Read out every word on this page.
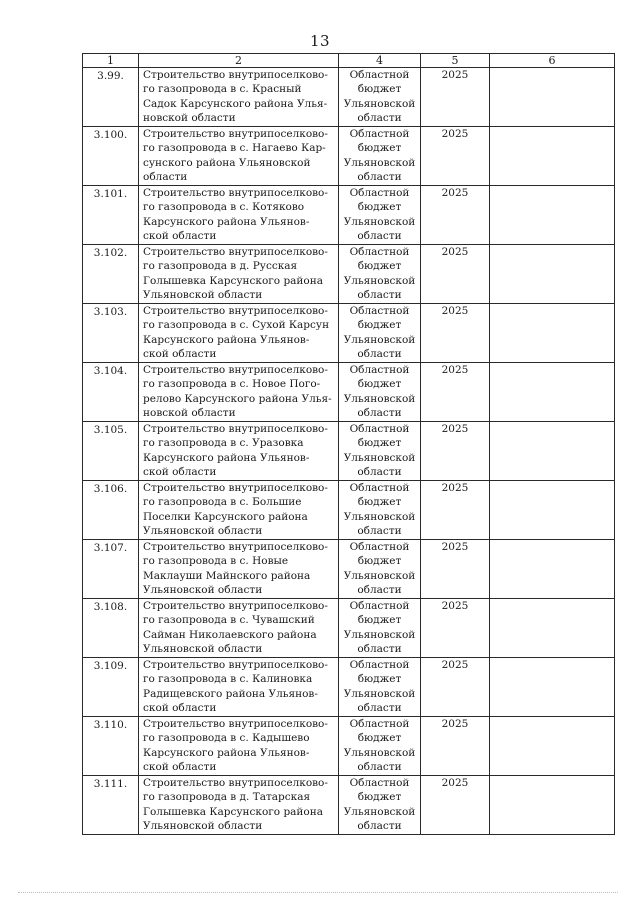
13
1	2	4	5	6
3.99.	Строительство внутрипоселково-
го газопровода в с. Красный
Садок Карсунского района Улья-
новской области	Областной
бюджет
Ульяновской
области	2025	
3.100.	Строительство внутрипоселково-
го газопровода в с. Нагаево Кар-
сунского района Ульяновской
области	Областной
бюджет
Ульяновской
области	2025	
3.101.	Строительство внутрипоселково-
го газопровода в с. Котяково
Карсунского района Ульянов-
ской области	Областной
бюджет
Ульяновской
области	2025	
3.102.	Строительство внутрипоселково-
го газопровода в д. Русская
Голышевка Карсунского района
Ульяновской области	Областной
бюджет
Ульяновской
области	2025	
3.103.	Строительство внутрипоселково-
го газопровода в с. Сухой Карсун
Карсунского района Ульянов-
ской области	Областной
бюджет
Ульяновской
области	2025	
3.104.	Строительство внутрипоселково-
го газопровода в с. Новое Пого-
релово Карсунского района Улья-
новской области	Областной
бюджет
Ульяновской
области	2025	
3.105.	Строительство внутрипоселково-
го газопровода в с. Уразовка
Карсунского района Ульянов-
ской области	Областной
бюджет
Ульяновской
области	2025	
3.106.	Строительство внутрипоселково-
го газопровода в с. Большие
Поселки Карсунского района
Ульяновской области	Областной
бюджет
Ульяновской
области	2025	
3.107.	Строительство внутрипоселково-
го газопровода в с. Новые
Маклауши Майнского района
Ульяновской области	Областной
бюджет
Ульяновской
области	2025	
3.108.	Строительство внутрипоселково-
го газопровода в с. Чувашский
Сайман Николаевского района
Ульяновской области	Областной
бюджет
Ульяновской
области	2025	
3.109.	Строительство внутрипоселково-
го газопровода в с. Калиновка
Радищевского района Ульянов-
ской области	Областной
бюджет
Ульяновской
области	2025	
3.110.	Строительство внутрипоселково-
го газопровода в с. Кадышево
Карсунского района Ульянов-
ской области	Областной
бюджет
Ульяновской
области	2025	
3.111.	Строительство внутрипоселково-
го газопровода в д. Татарская
Голышевка Карсунского района
Ульяновской области	Областной
бюджет
Ульяновской
области	2025	
